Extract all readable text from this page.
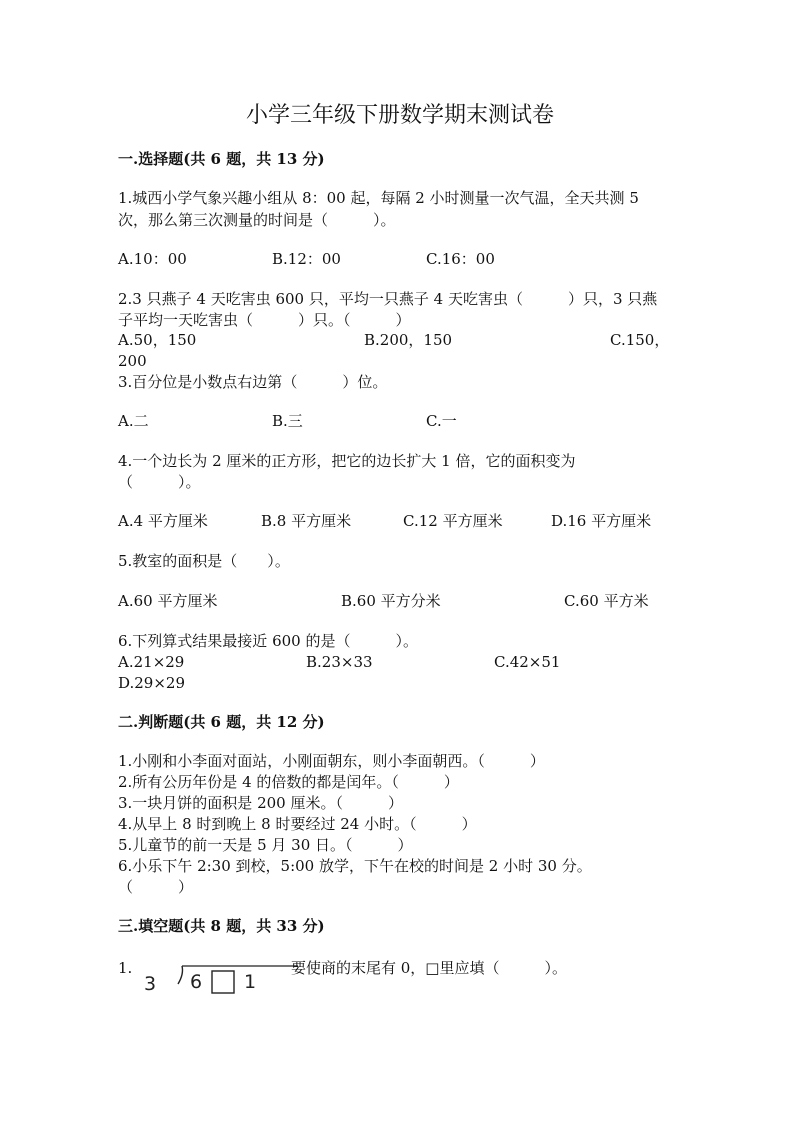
小学三年级下册数学期末测试卷
一.选择题(共 6 题，共 13 分)
1.城西小学气象兴趣小组从 8：00 起，每隔 2 小时测量一次气温，全天共测 5
次，那么第三次测量的时间是（　　　）。
A.10：00	B.12：00	C.16：00
2.3 只燕子 4 天吃害虫 600 只，平均一只燕子 4 天吃害虫（　　　）只，3 只燕
子平均一天吃害虫（　　　）只。（　　　）
A.50，150	B.200，150	C.150，
200
3.百分位是小数点右边第（　　　）位。
A.二	B.三	C.一
4.一个边长为 2 厘米的正方形，把它的边长扩大 1 倍，它的面积变为
（　　　）。
A.4 平方厘米	B.8 平方厘米	C.12 平方厘米	D.16 平方厘米
5.教室的面积是（　　）。
A.60 平方厘米	B.60 平方分米	C.60 平方米
6.下列算式结果最接近 600 的是（　　　）。
A.21×29	B.23×33	C.42×51
D.29×29
二.判断题(共 6 题，共 12 分)
1.小刚和小李面对面站，小刚面朝东，则小李面朝西。（　　　）
2.所有公历年份是 4 的倍数的都是闰年。（　　　）
3.一块月饼的面积是 200 厘米。（　　　）
4.从早上 8 时到晚上 8 时要经过 24 小时。（　　　）
5.儿童节的前一天是 5 月 30 日。（　　　）
6.小乐下午 2:30 到校，5:00 放学，下午在校的时间是 2 小时 30 分。
（　　　）
三.填空题(共 8 题，共 33 分)
1.
3 6 1
要使商的末尾有 0，□里应填（　　　）。
